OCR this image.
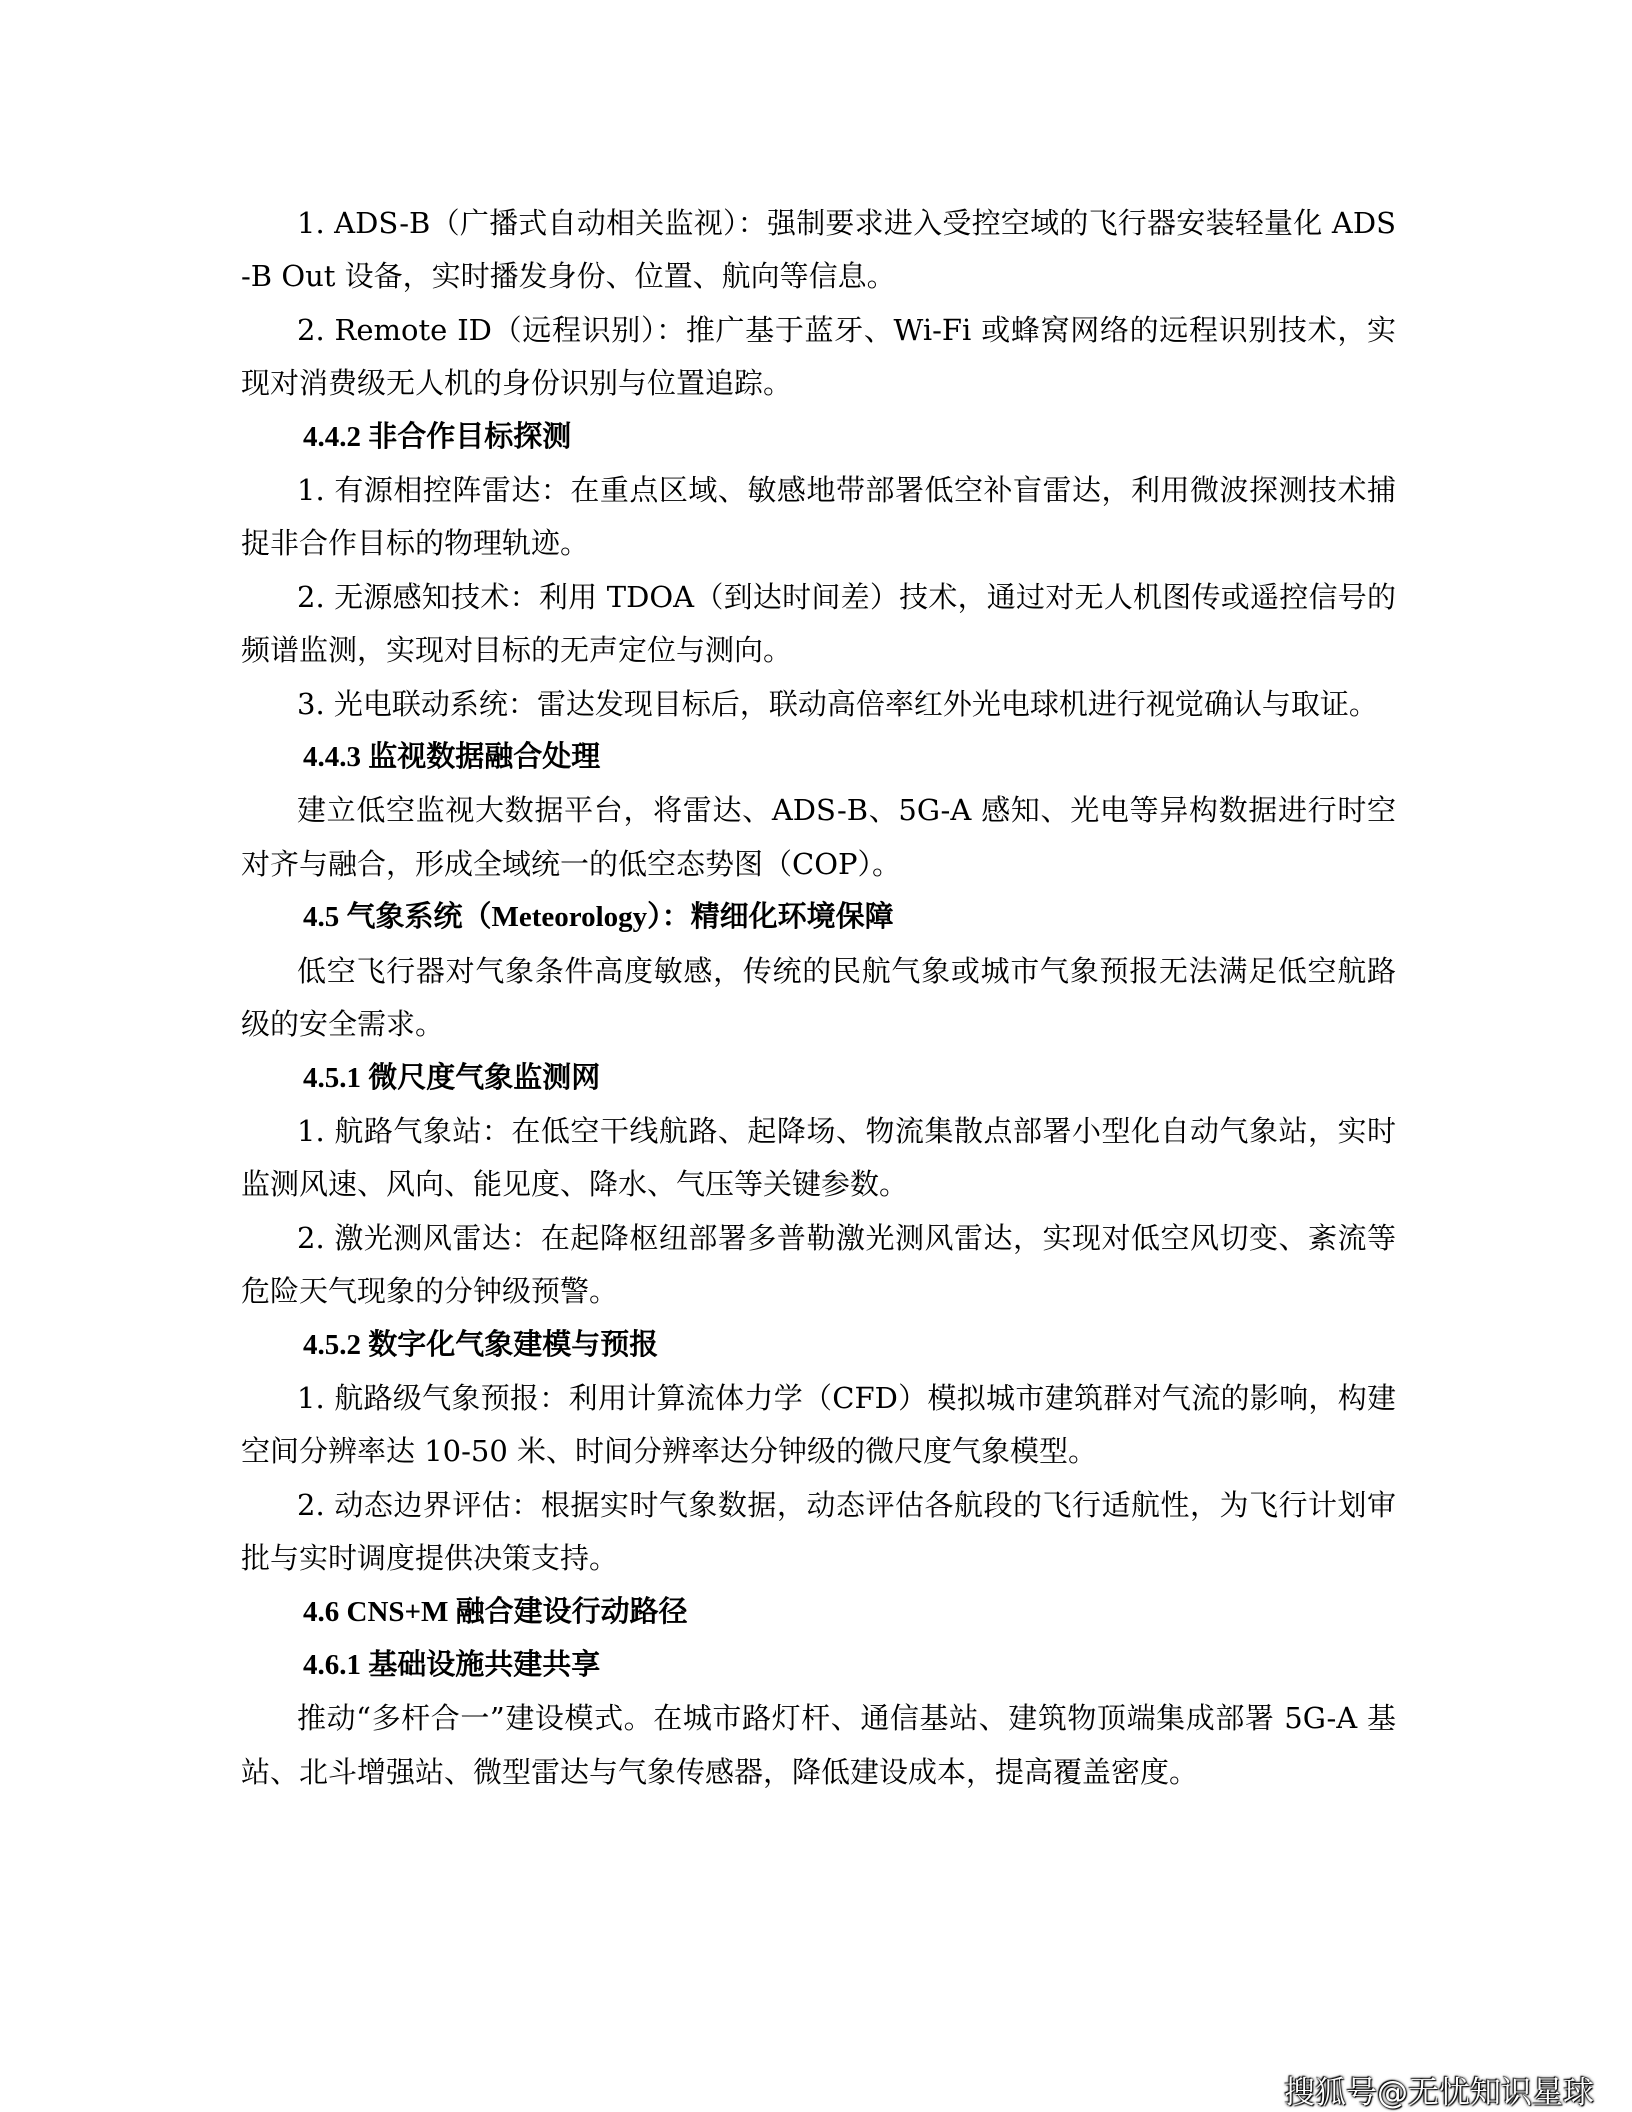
1. ADS-B（广播式自动相关监视）：强制要求进入受控空域的飞行器安装轻量化 ADS-B Out 设备，实时播发身份、位置、航向等信息。

2. Remote ID（远程识别）：推广基于蓝牙、Wi-Fi 或蜂窝网络的远程识别技术，实现对消费级无人机的身份识别与位置追踪。

4.4.2 非合作目标探测

1. 有源相控阵雷达：在重点区域、敏感地带部署低空补盲雷达，利用微波探测技术捕捉非合作目标的物理轨迹。

2. 无源感知技术：利用 TDOA（到达时间差）技术，通过对无人机图传或遥控信号的频谱监测，实现对目标的无声定位与测向。

3. 光电联动系统：雷达发现目标后，联动高倍率红外光电球机进行视觉确认与取证。

4.4.3 监视数据融合处理

建立低空监视大数据平台，将雷达、ADS-B、5G-A 感知、光电等异构数据进行时空对齐与融合，形成全域统一的低空态势图（COP）。

4.5 气象系统（Meteorology）：精细化环境保障

低空飞行器对气象条件高度敏感，传统的民航气象或城市气象预报无法满足低空航路级的安全需求。

4.5.1 微尺度气象监测网

1. 航路气象站：在低空干线航路、起降场、物流集散点部署小型化自动气象站，实时监测风速、风向、能见度、降水、气压等关键参数。

2. 激光测风雷达：在起降枢纽部署多普勒激光测风雷达，实现对低空风切变、紊流等危险天气现象的分钟级预警。

4.5.2 数字化气象建模与预报

1. 航路级气象预报：利用计算流体力学（CFD）模拟城市建筑群对气流的影响，构建空间分辨率达 10-50 米、时间分辨率达分钟级的微尺度气象模型。

2. 动态边界评估：根据实时气象数据，动态评估各航段的飞行适航性，为飞行计划审批与实时调度提供决策支持。

4.6 CNS+M 融合建设行动路径

4.6.1 基础设施共建共享

推动“多杆合一”建设模式。在城市路灯杆、通信基站、建筑物顶端集成部署 5G-A 基站、北斗增强站、微型雷达与气象传感器，降低建设成本，提高覆盖密度。

搜狐号@无忧知识星球
